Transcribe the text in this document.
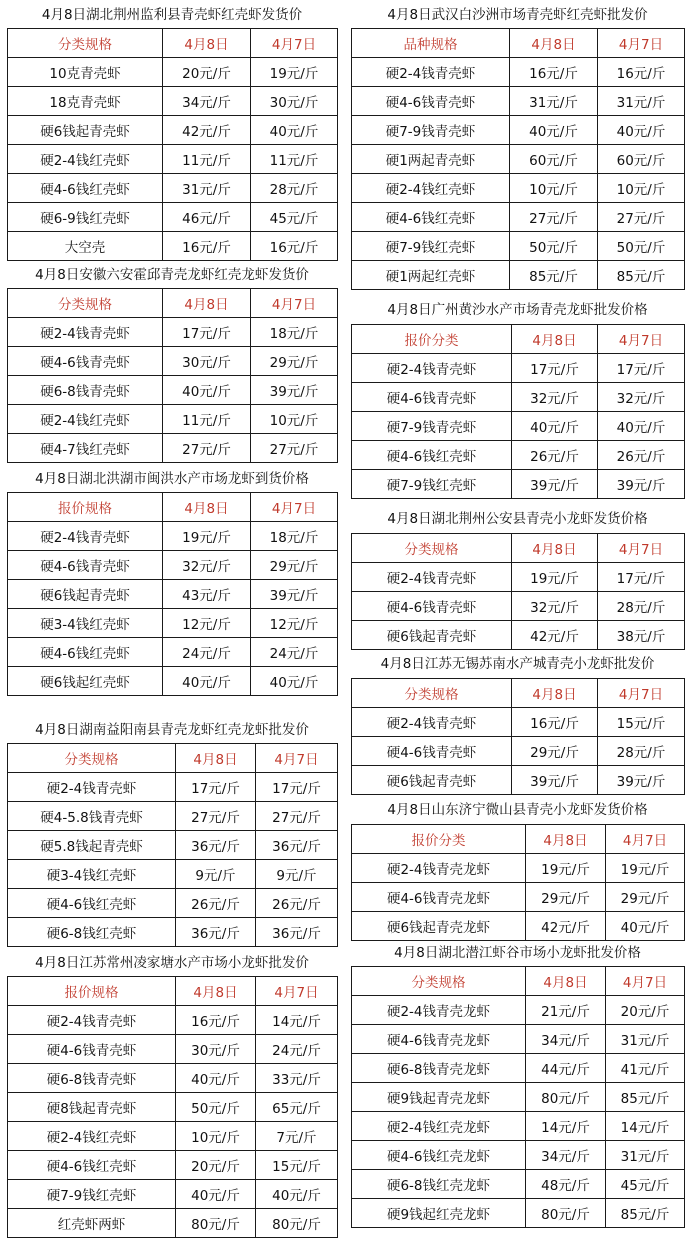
4月8日湖北荆州监利县青壳虾红壳虾发货价
分类规格	4月8日	4月7日
10克青壳虾	20元/斤	19元/斤
18克青壳虾	34元/斤	30元/斤
硬6钱起青壳虾	42元/斤	40元/斤
硬2-4钱红壳虾	11元/斤	11元/斤
硬4-6钱红壳虾	31元/斤	28元/斤
硬6-9钱红壳虾	46元/斤	45元/斤
大空壳	16元/斤	16元/斤
4月8日安徽六安霍邱青壳龙虾红壳龙虾发货价
分类规格	4月8日	4月7日
硬2-4钱青壳虾	17元/斤	18元/斤
硬4-6钱青壳虾	30元/斤	29元/斤
硬6-8钱青壳虾	40元/斤	39元/斤
硬2-4钱红壳虾	11元/斤	10元/斤
硬4-7钱红壳虾	27元/斤	27元/斤
4月8日湖北洪湖市闽洪水产市场龙虾到货价格
报价规格	4月8日	4月7日
硬2-4钱青壳虾	19元/斤	18元/斤
硬4-6钱青壳虾	32元/斤	29元/斤
硬6钱起青壳虾	43元/斤	39元/斤
硬3-4钱红壳虾	12元/斤	12元/斤
硬4-6钱红壳虾	24元/斤	24元/斤
硬6钱起红壳虾	40元/斤	40元/斤
4月8日湖南益阳南县青壳龙虾红壳龙虾批发价
分类规格	4月8日	4月7日
硬2-4钱青壳虾	17元/斤	17元/斤
硬4-5.8钱青壳虾	27元/斤	27元/斤
硬5.8钱起青壳虾	36元/斤	36元/斤
硬3-4钱红壳虾	9元/斤	9元/斤
硬4-6钱红壳虾	26元/斤	26元/斤
硬6-8钱红壳虾	36元/斤	36元/斤
4月8日江苏常州凌家塘水产市场小龙虾批发价
报价规格	4月8日	4月7日
硬2-4钱青壳虾	16元/斤	14元/斤
硬4-6钱青壳虾	30元/斤	24元/斤
硬6-8钱青壳虾	40元/斤	33元/斤
硬8钱起青壳虾	50元/斤	65元/斤
硬2-4钱红壳虾	10元/斤	7元/斤
硬4-6钱红壳虾	20元/斤	15元/斤
硬7-9钱红壳虾	40元/斤	40元/斤
红壳虾两虾	80元/斤	80元/斤
4月8日武汉白沙洲市场青壳虾红壳虾批发价
品种规格	4月8日	4月7日
硬2-4钱青壳虾	16元/斤	16元/斤
硬4-6钱青壳虾	31元/斤	31元/斤
硬7-9钱青壳虾	40元/斤	40元/斤
硬1两起青壳虾	60元/斤	60元/斤
硬2-4钱红壳虾	10元/斤	10元/斤
硬4-6钱红壳虾	27元/斤	27元/斤
硬7-9钱红壳虾	50元/斤	50元/斤
硬1两起红壳虾	85元/斤	85元/斤
4月8日广州黄沙水产市场青壳龙虾批发价格
报价分类	4月8日	4月7日
硬2-4钱青壳虾	17元/斤	17元/斤
硬4-6钱青壳虾	32元/斤	32元/斤
硬7-9钱青壳虾	40元/斤	40元/斤
硬4-6钱红壳虾	26元/斤	26元/斤
硬7-9钱红壳虾	39元/斤	39元/斤
4月8日湖北荆州公安县青壳小龙虾发货价格
分类规格	4月8日	4月7日
硬2-4钱青壳虾	19元/斤	17元/斤
硬4-6钱青壳虾	32元/斤	28元/斤
硬6钱起青壳虾	42元/斤	38元/斤
4月8日江苏无锡苏南水产城青壳小龙虾批发价
分类规格	4月8日	4月7日
硬2-4钱青壳虾	16元/斤	15元/斤
硬4-6钱青壳虾	29元/斤	28元/斤
硬6钱起青壳虾	39元/斤	39元/斤
4月8日山东济宁微山县青壳小龙虾发货价格
报价分类	4月8日	4月7日
硬2-4钱青壳龙虾	19元/斤	19元/斤
硬4-6钱青壳龙虾	29元/斤	29元/斤
硬6钱起青壳龙虾	42元/斤	40元/斤
4月8日湖北潜江虾谷市场小龙虾批发价格
分类规格	4月8日	4月7日
硬2-4钱青壳龙虾	21元/斤	20元/斤
硬4-6钱青壳龙虾	34元/斤	31元/斤
硬6-8钱青壳龙虾	44元/斤	41元/斤
硬9钱起青壳龙虾	80元/斤	85元/斤
硬2-4钱红壳龙虾	14元/斤	14元/斤
硬4-6钱红壳龙虾	34元/斤	31元/斤
硬6-8钱红壳龙虾	48元/斤	45元/斤
硬9钱起红壳龙虾	80元/斤	85元/斤
